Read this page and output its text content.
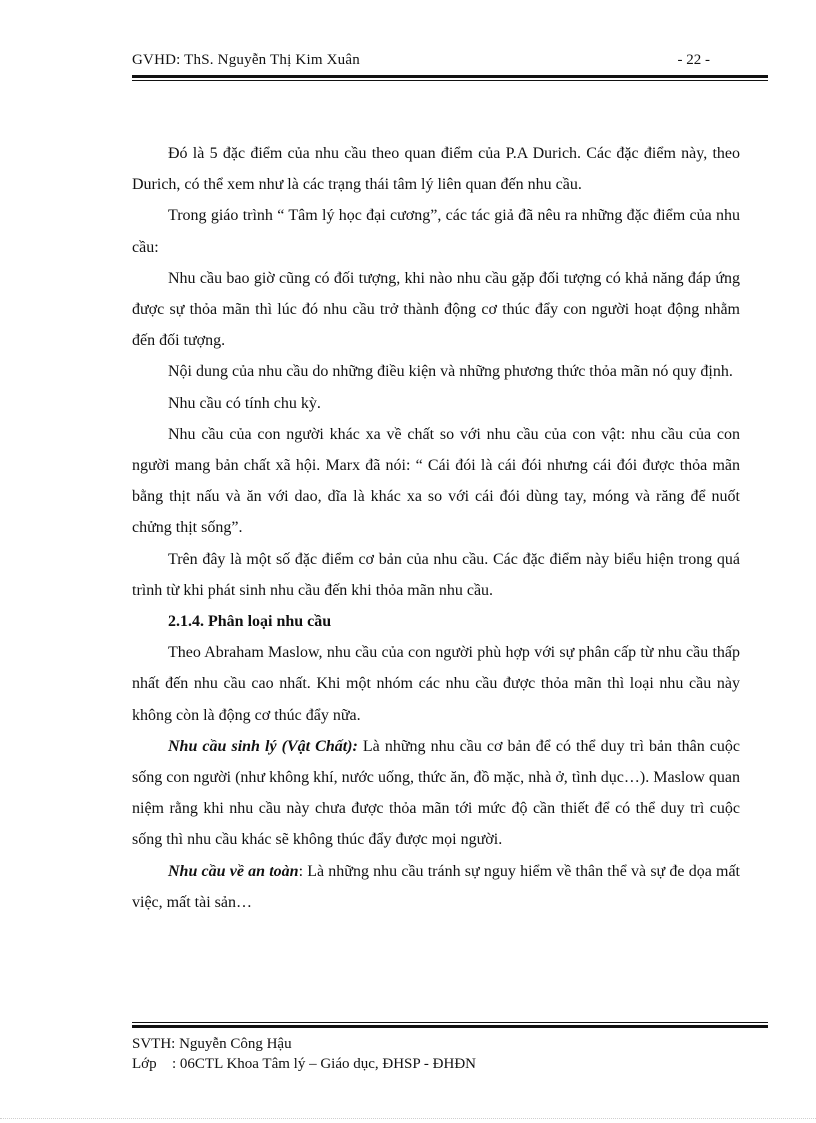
GVHD: ThS. Nguyễn Thị Kim Xuân	- 22 -

Đó là 5 đặc điểm của nhu cầu theo quan điểm của P.A Durich. Các đặc điểm này, theo Durich, có thể xem như là các trạng thái tâm lý liên quan đến nhu cầu.

Trong giáo trình “ Tâm lý học đại cương”, các tác giả đã nêu ra những đặc điểm của nhu cầu:

Nhu cầu bao giờ cũng có đối tượng, khi nào nhu cầu gặp đối tượng có khả năng đáp ứng được sự thỏa mãn thì lúc đó nhu cầu trở thành động cơ thúc đẩy con người hoạt động nhằm đến đối tượng.

Nội dung của nhu cầu do những điều kiện và những phương thức thỏa mãn nó quy định.

Nhu cầu có tính chu kỳ.

Nhu cầu của con người khác xa về chất so với nhu cầu của con vật: nhu cầu của con người mang bản chất xã hội. Marx đã nói: “ Cái đói là cái đói nhưng cái đói được thỏa mãn bằng thịt nấu và ăn với dao, dĩa là khác xa so với cái đói dùng tay, móng và răng để nuốt chửng thịt sống”.

Trên đây là một số đặc điểm cơ bản của nhu cầu. Các đặc điểm này biểu hiện trong quá trình từ khi phát sinh nhu cầu đến khi thỏa mãn nhu cầu.

2.1.4. Phân loại nhu cầu

Theo Abraham Maslow, nhu cầu của con người phù hợp với sự phân cấp từ nhu cầu thấp nhất đến nhu cầu cao nhất. Khi một nhóm các nhu cầu được thỏa mãn thì loại nhu cầu này không còn là động cơ thúc đẩy nữa.

Nhu cầu sinh lý (Vật Chất): Là những nhu cầu cơ bản để có thể duy trì bản thân cuộc sống con người (như không khí, nước uống, thức ăn, đồ mặc, nhà ở, tình dục…). Maslow quan niệm rằng khi nhu cầu này chưa được thỏa mãn tới mức độ cần thiết để có thể duy trì cuộc sống thì nhu cầu khác sẽ không thúc đẩy được mọi người.

Nhu cầu về an toàn: Là những nhu cầu tránh sự nguy hiểm về thân thể và sự đe dọa mất việc, mất tài sản…

SVTH: Nguyễn Công Hậu
Lớp : 06CTL Khoa Tâm lý – Giáo dục, ĐHSP - ĐHĐN
